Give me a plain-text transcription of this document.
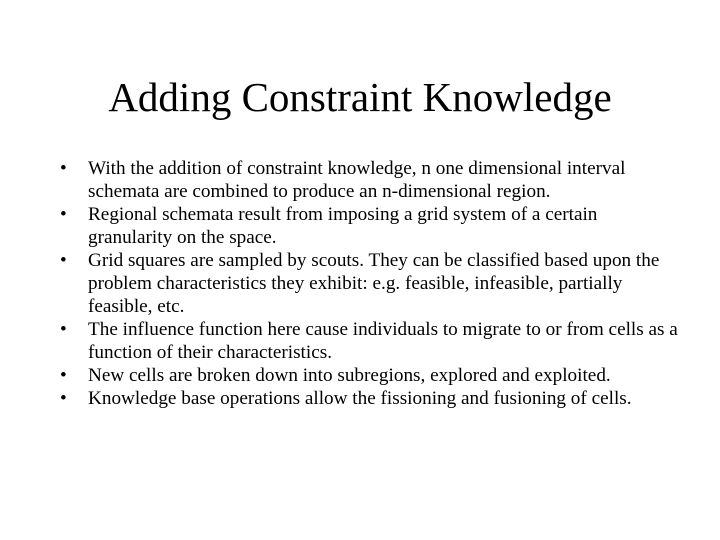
Adding Constraint Knowledge
•	With the addition of constraint knowledge, n one dimensional interval schemata are combined to produce an n-dimensional region.
•	Regional schemata result from imposing a grid system of a certain granularity on the space.
•	Grid squares are sampled by scouts. They can be classified based upon the problem characteristics they exhibit: e.g. feasible, infeasible, partially feasible, etc.
•	The influence function here cause individuals to migrate to or from cells as a function of their characteristics.
•	New cells are broken down into subregions, explored and exploited.
•	Knowledge base operations allow the fissioning and fusioning of cells.
